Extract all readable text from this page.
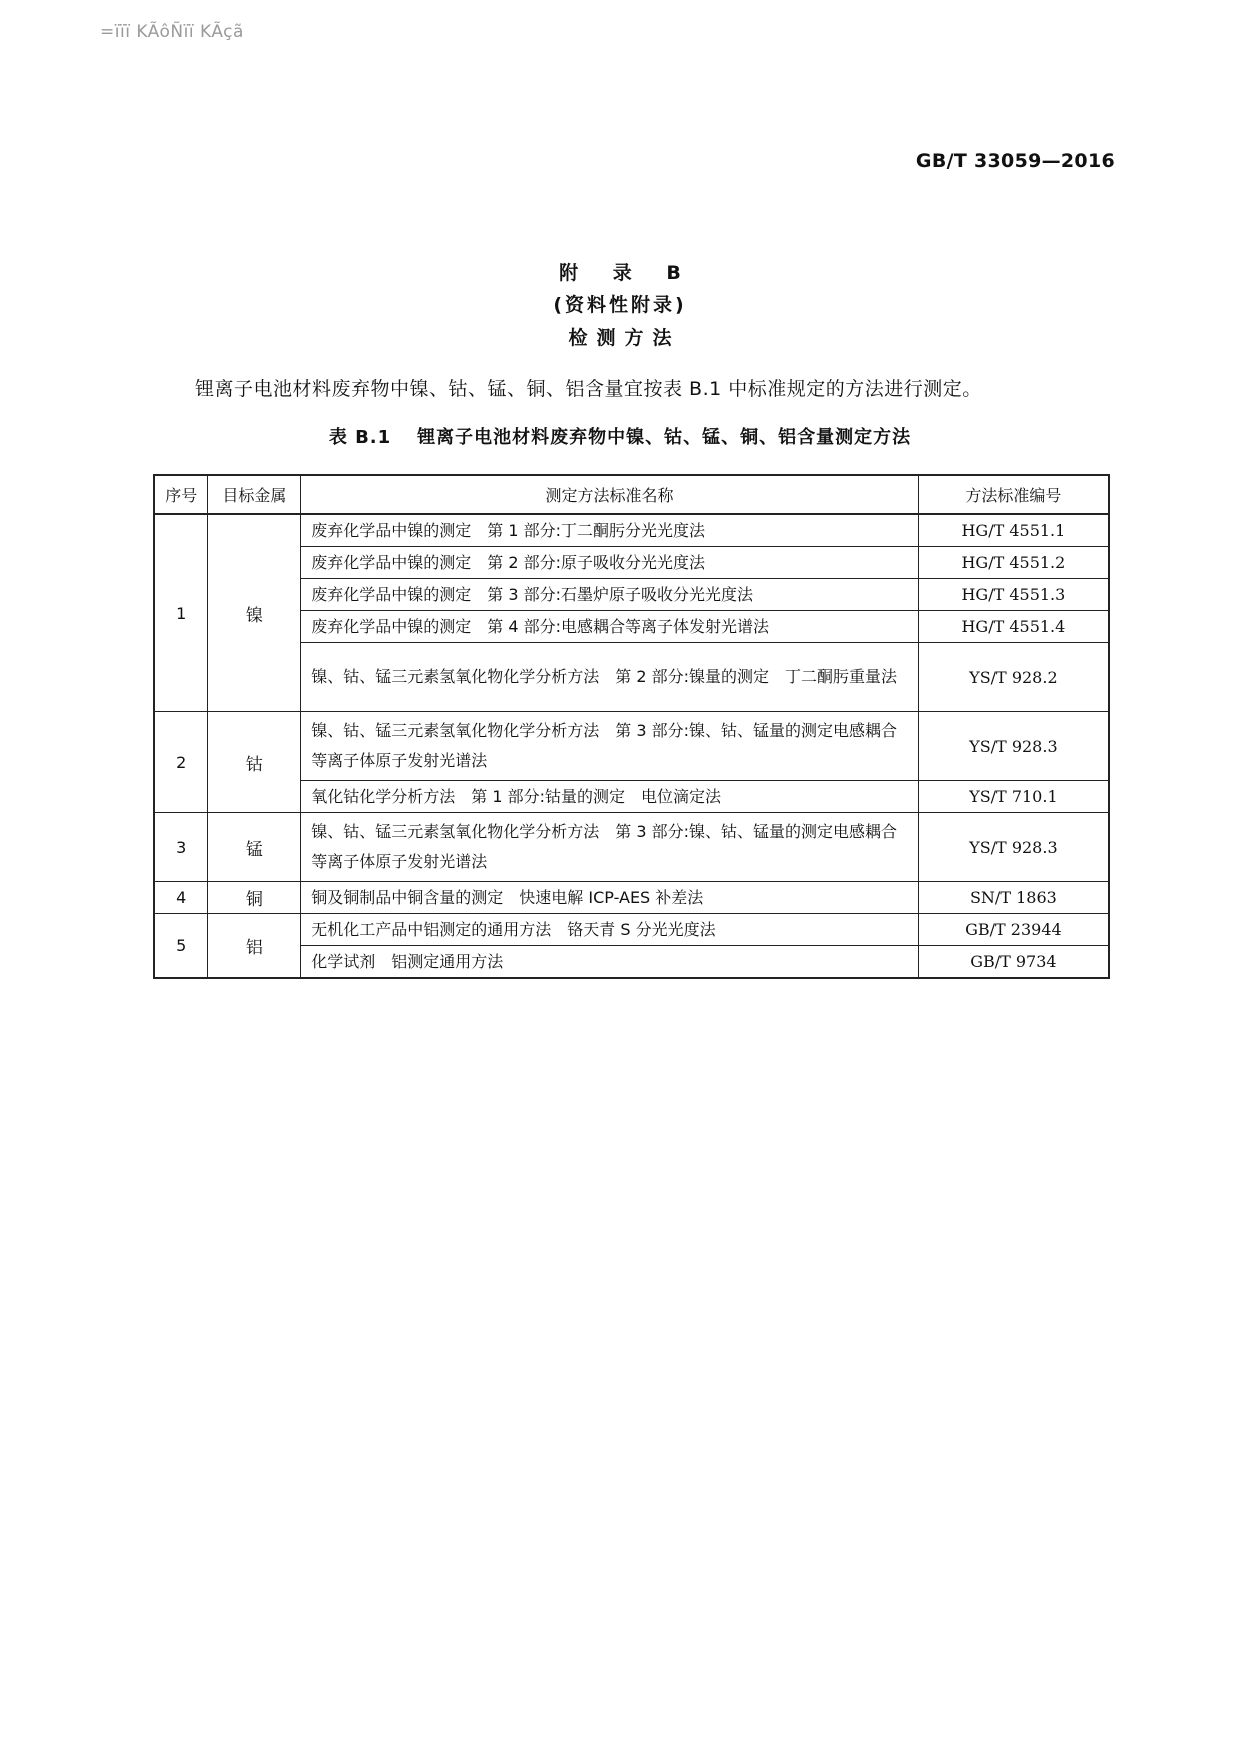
=ïïï KÃôÑïï KÃçã
GB/T 33059—2016
附 录 B
(资料性附录)
检测方法
锂离子电池材料废弃物中镍、钴、锰、铜、铝含量宜按表 B.1 中标准规定的方法进行测定。
表 B.1 锂离子电池材料废弃物中镍、钴、锰、铜、铝含量测定方法
序号	目标金属	测定方法标准名称	方法标准编号
1	镍	废弃化学品中镍的测定　第 1 部分:丁二酮肟分光光度法	HG/T 4551.1
		废弃化学品中镍的测定　第 2 部分:原子吸收分光光度法	HG/T 4551.2
		废弃化学品中镍的测定　第 3 部分:石墨炉原子吸收分光光度法	HG/T 4551.3
		废弃化学品中镍的测定　第 4 部分:电感耦合等离子体发射光谱法	HG/T 4551.4
		镍、钴、锰三元素氢氧化物化学分析方法　第 2 部分:镍量的测定　丁二酮肟重量法	YS/T 928.2
2	钴	镍、钴、锰三元素氢氧化物化学分析方法　第 3 部分:镍、钴、锰量的测定电感耦合等离子体原子发射光谱法	YS/T 928.3
		氧化钴化学分析方法　第 1 部分:钴量的测定　电位滴定法	YS/T 710.1
3	锰	镍、钴、锰三元素氢氧化物化学分析方法　第 3 部分:镍、钴、锰量的测定电感耦合等离子体原子发射光谱法	YS/T 928.3
4	铜	铜及铜制品中铜含量的测定　快速电解 ICP-AES 补差法	SN/T 1863
5	铝	无机化工产品中铝测定的通用方法　铬天青 S 分光光度法	GB/T 23944
		化学试剂　铝测定通用方法	GB/T 9734
